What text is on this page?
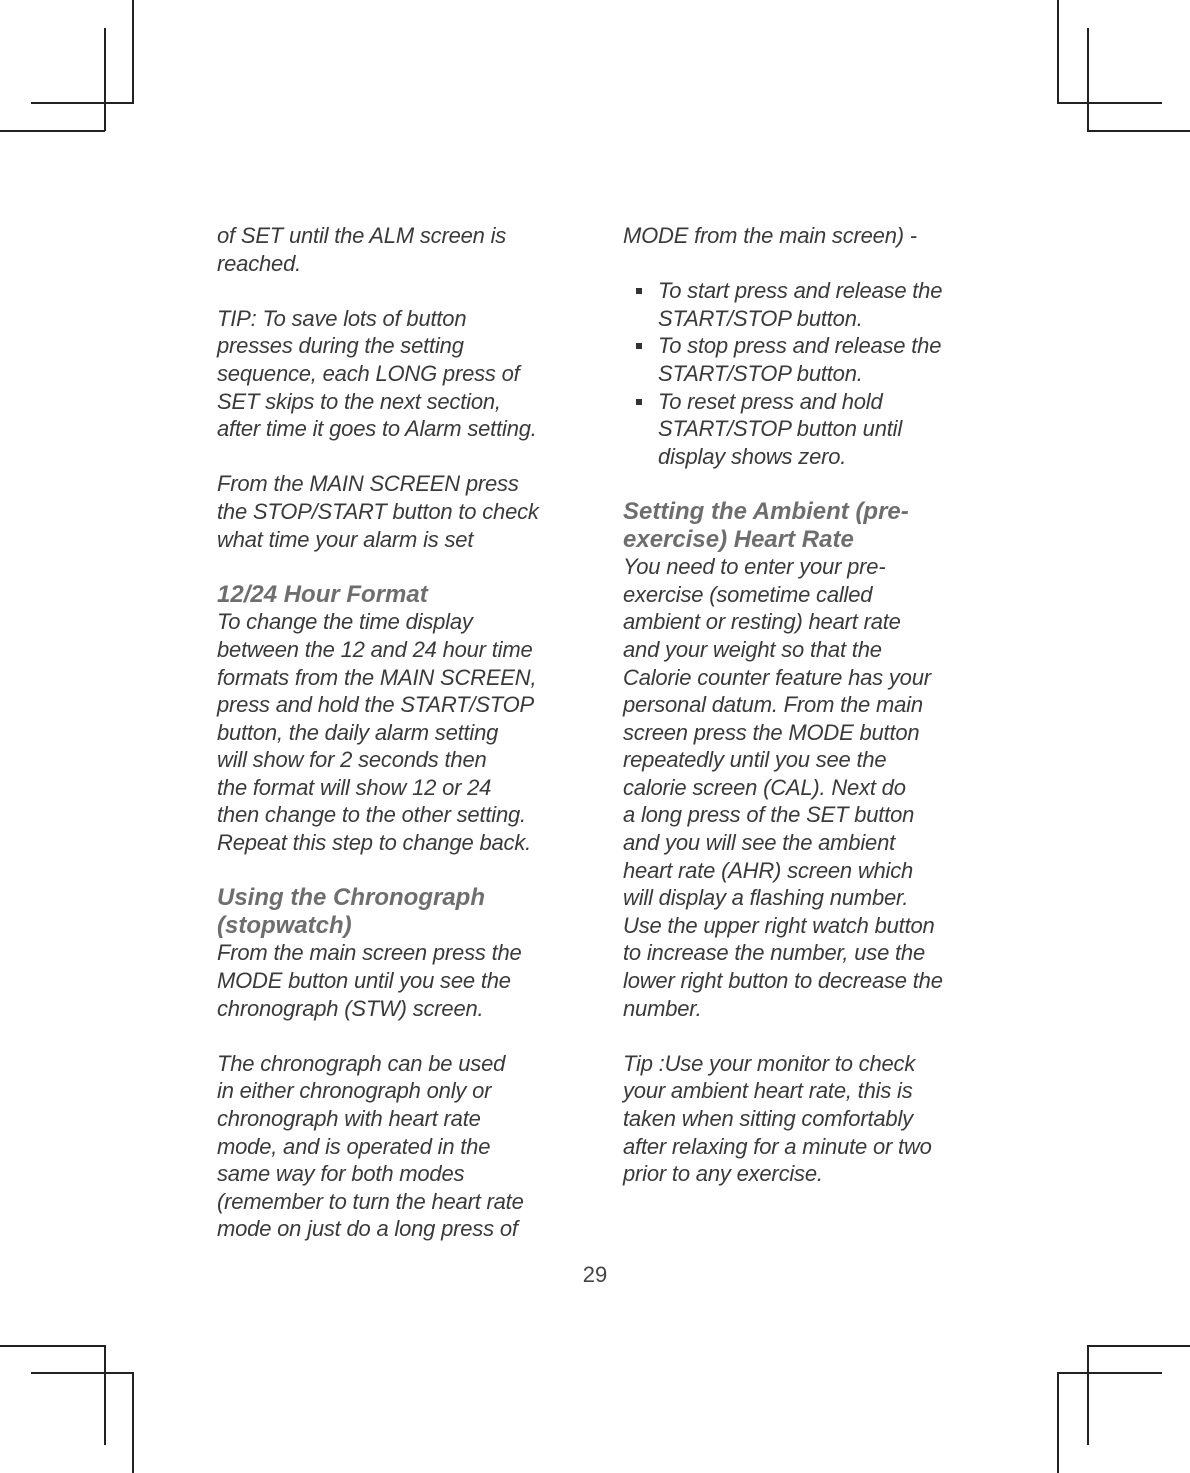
of SET until the ALM screen is
reached.
TIP: To save lots of button
presses during the setting
sequence, each LONG press of
SET skips to the next section,
after time it goes to Alarm setting.
From the MAIN SCREEN press
the STOP/START button to check
what time your alarm is set
12/24 Hour Format
To change the time display
between the 12 and 24 hour time
formats from the MAIN SCREEN,
press and hold the START/STOP
button, the daily alarm setting
will show for 2 seconds then
the format will show 12 or 24
then change to the other setting.
Repeat this step to change back.
Using the Chronograph
(stopwatch)
From the main screen press the
MODE button until you see the
chronograph (STW) screen.
The chronograph can be used
in either chronograph only or
chronograph with heart rate
mode, and is operated in the
same way for both modes
(remember to turn the heart rate
mode on just do a long press of
MODE from the main screen) -
To start press and release the
START/STOP button.
To stop press and release the
START/STOP button.
To reset press and hold
START/STOP button until
display shows zero.
Setting the Ambient (pre-
exercise) Heart Rate
You need to enter your pre-
exercise (sometime called
ambient or resting) heart rate
and your weight so that the
Calorie counter feature has your
personal datum. From the main
screen press the MODE button
repeatedly until you see the
calorie screen (CAL). Next do
a long press of the SET button
and you will see the ambient
heart rate (AHR) screen which
will display a flashing number.
Use the upper right watch button
to increase the number, use the
lower right button to decrease the
number.
Tip :Use your monitor to check
your ambient heart rate, this is
taken when sitting comfortably
after relaxing for a minute or two
prior to any exercise.
29
